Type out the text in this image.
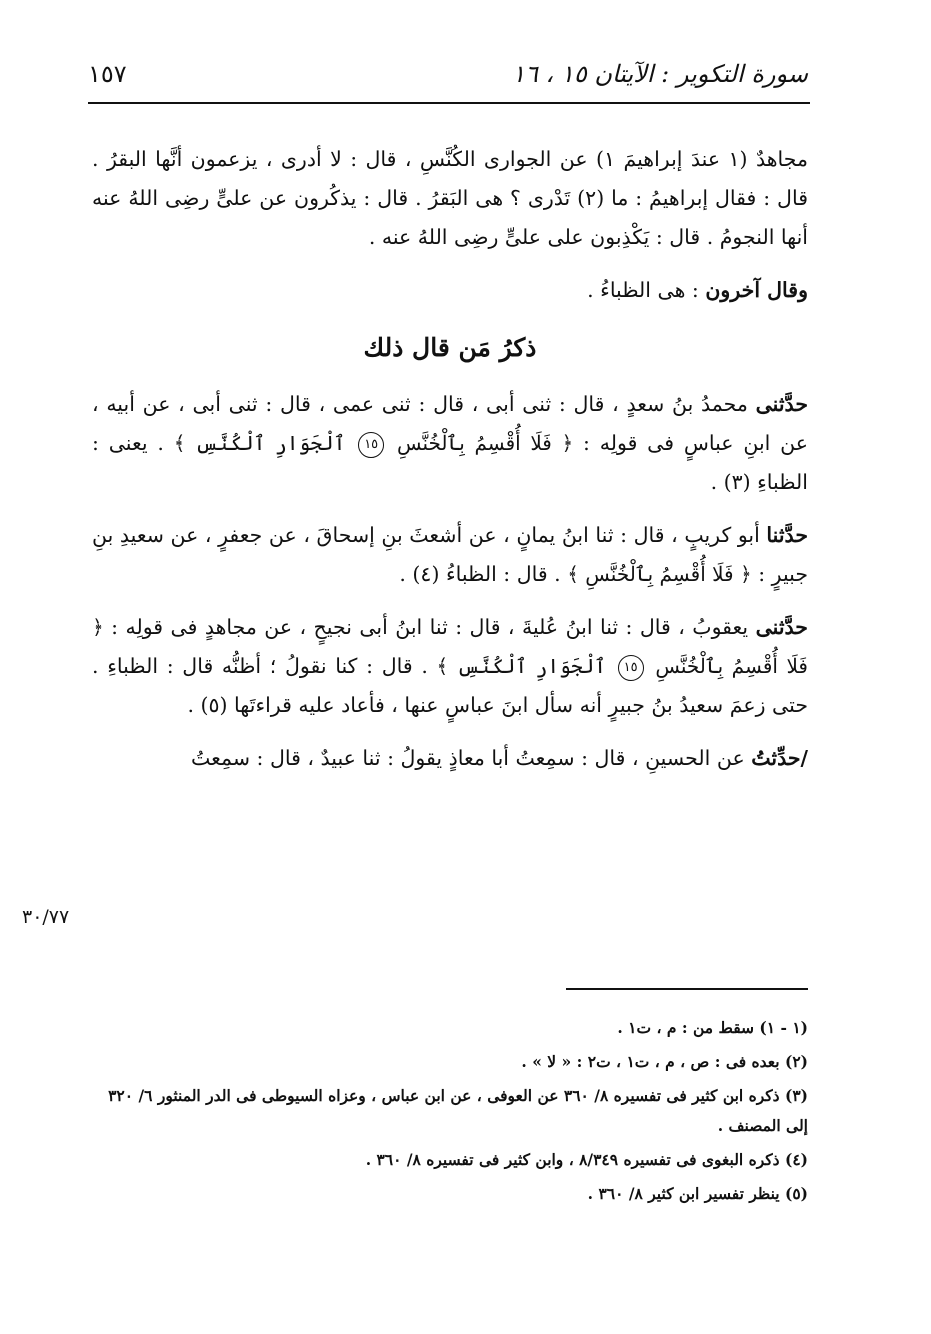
سورة التكوير : الآيتان ١٥ ، ١٦
١٥٧

مجاهدٌ (١ عندَ إبراهيمَ ١) عن الجوارى الكُنَّسِ ، قال : لا أدرى ، يزعمون أنَّها البقرُ . قال : فقال إبراهيمُ : ما (٢) تَدْرى ؟ هى البَقرُ . قال : يذكُرون عن علىٍّ رضِى اللهُ عنه أنها النجومُ . قال : يَكْذِبون على علىٍّ رضِى اللهُ عنه .

وقال آخرون : هى الظباءُ .

ذكرُ مَن قال ذلك

حدَّثنى محمدُ بنُ سعدٍ ، قال : ثنى أبى ، قال : ثنى عمى ، قال : ثنى أبى ، عن أبيه ، عن ابنِ عباسٍ فى قولِه : ﴿ فَلَا أُقْسِمُ بِٱلْخُنَّسِ ١٥ ٱلْجَوَارِ ٱلْكُنَّسِ ﴾ . يعنى : الظباءِ (٣) .

حدَّثنا أبو كريبٍ ، قال : ثنا ابنُ يمانٍ ، عن أشعثَ بنِ إسحاقَ ، عن جعفرٍ ، عن سعيدِ بنِ جبيرٍ : ﴿ فَلَا أُقْسِمُ بِٱلْخُنَّسِ ﴾ . قال : الظباءُ (٤) .

حدَّثنى يعقوبُ ، قال : ثنا ابنُ عُليةَ ، قال : ثنا ابنُ أبى نجيحٍ ، عن مجاهدٍ فى قولِه : ﴿ فَلَا أُقْسِمُ بِٱلْخُنَّسِ ١٥ ٱلْجَوَارِ ٱلْكُنَّسِ ﴾ . قال : كنا نقولُ ؛ أظنُّه قال : الظباءِ . حتى زعمَ سعيدُ بنُ جبيرٍ أنه سأل ابنَ عباسٍ عنها ، فأعاد عليه قراءتَها (٥) .

/حدِّثتُ عن الحسينِ ، قال : سمِعتُ أبا معاذٍ يقولُ : ثنا عبيدٌ ، قال : سمِعتُ

٣٠/٧٧
(١ - ١) سقط من : م ، ت١ .
(٢) بعده فى : ص ، م ، ت١ ، ت٢ : « لا » .
(٣) ذكره ابن كثير فى تفسيره ٨/ ٣٦٠ عن العوفى ، عن ابن عباس ، وعزاه السيوطى فى الدر المنثور ٦/ ٣٢٠ إلى المصنف .
(٤) ذكره البغوى فى تفسيره ٨/٣٤٩ ، وابن كثير فى تفسيره ٨/ ٣٦٠ .
(٥) ينظر تفسير ابن كثير ٨/ ٣٦٠ .
